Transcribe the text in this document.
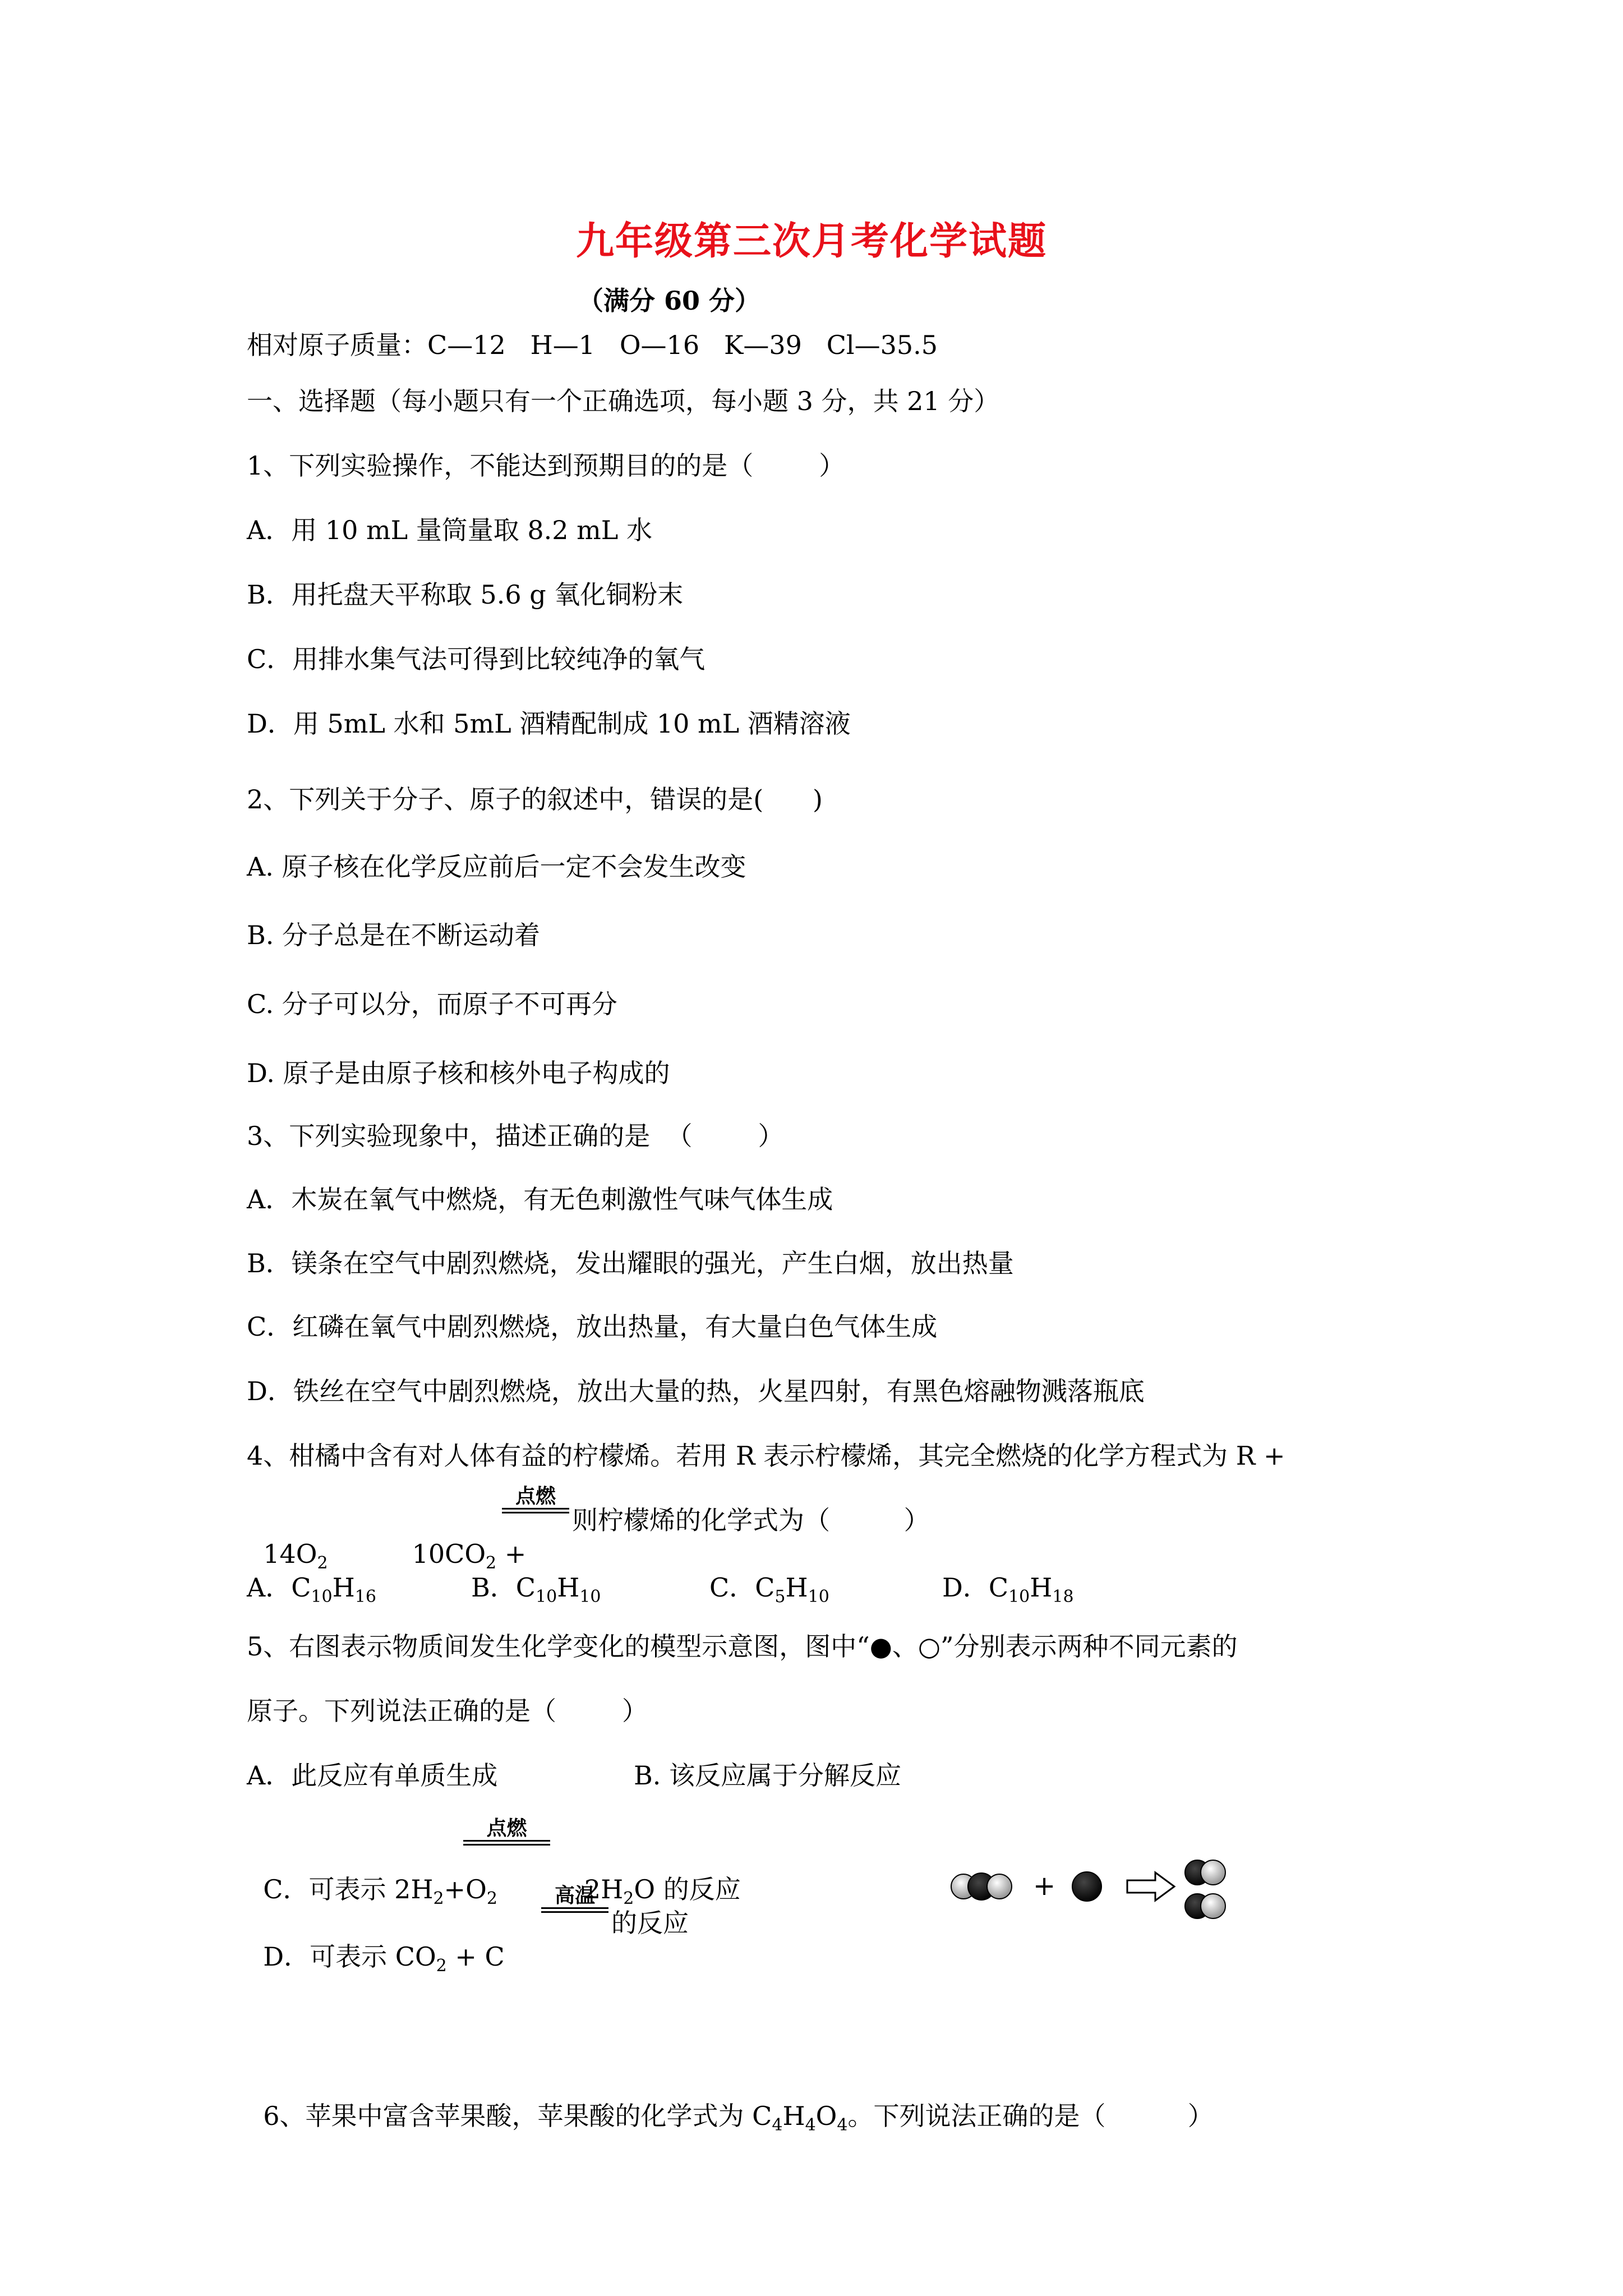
九年级第三次月考化学试题
（满分 60 分）
相对原子质量：C—12   H—1   O—16   K—39   Cl—35.5
一、选择题（每小题只有一个正确选项，每小题 3 分，共 21 分）
1、下列实验操作，不能达到预期目的的是（        ）
A．用 10 mL 量筒量取 8.2 mL 水
B．用托盘天平称取 5.6 g 氧化铜粉末
C．用排水集气法可得到比较纯净的氧气
D．用 5mL 水和 5mL 酒精配制成 10 mL 酒精溶液
2、下列关于分子、原子的叙述中，错误的是(      )
A. 原子核在化学反应前后一定不会发生改变
B. 分子总是在不断运动着
C. 分子可以分，而原子不可再分
D. 原子是由原子核和核外电子构成的
3、下列实验现象中，描述正确的是  （        ）
A．木炭在氧气中燃烧，有无色刺激性气味气体生成
B．镁条在空气中剧烈燃烧，发出耀眼的强光，产生白烟，放出热量
C．红磷在氧气中剧烈燃烧，放出热量，有大量白色气体生成
D．铁丝在空气中剧烈燃烧，放出大量的热，火星四射，有黑色熔融物溅落瓶底
4、柑橘中含有对人体有益的柠檬烯。若用 R 表示柠檬烯，其完全燃烧的化学方程式为 R +

$14O_2$	$10CO_2$ +

点燃
则柠檬烯的化学式为（         ）
A．$C_{10}H_{16}$	B．$C_{10}H_{10}$	C．$C_5H_{10}$	D．$C_{10}H_{18}$
5、右图表示物质间发生化学变化的模型示意图，图中“●、○”分别表示两种不同元素的
原子。下列说法正确的是（        ）
A．此反应有单质生成	B. 该反应属于分解反应

C．可表示 $2H_2+O_2$	$2H_2O$ 的反应

点燃

D．可表示 $CO_2 + C$

高温
的反应
+

6、苹果中富含苹果酸，苹果酸的化学式为 $C_4H_4O_4$。下列说法正确的是（          ）
